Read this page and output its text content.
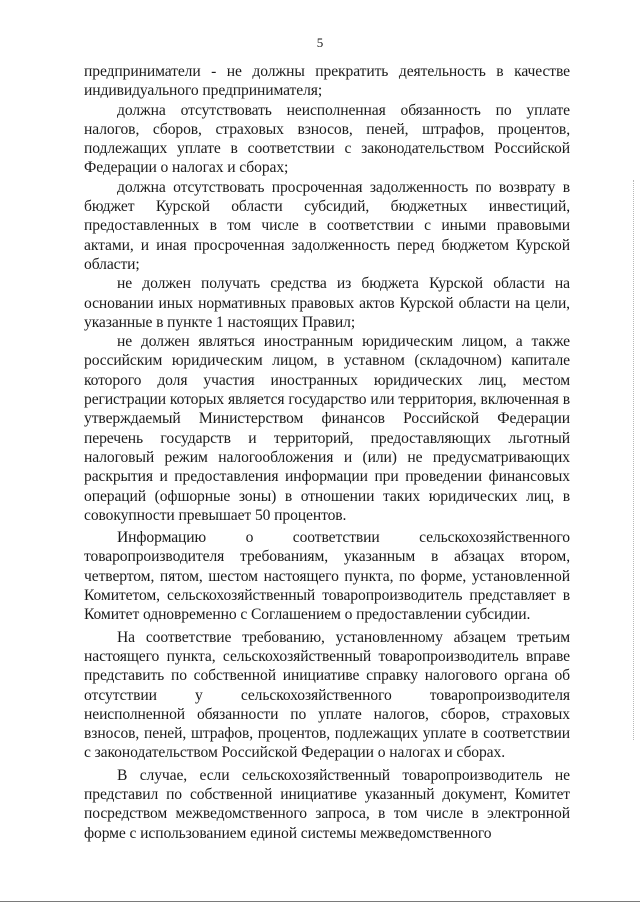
5

предприниматели - не должны прекратить деятельность в качестве индивидуального предпринимателя;

должна отсутствовать неисполненная обязанность по уплате налогов, сборов, страховых взносов, пеней, штрафов, процентов, подлежащих уплате в соответствии с законодательством Российской Федерации о налогах и сборах;

должна отсутствовать просроченная задолженность по возврату в бюджет Курской области субсидий, бюджетных инвестиций, предоставленных в том числе в соответствии с иными правовыми актами, и иная просроченная задолженность перед бюджетом Курской области;

не должен получать средства из бюджета Курской области на основании иных нормативных правовых актов Курской области на цели, указанные в пункте 1 настоящих Правил;

не должен являться иностранным юридическим лицом, а также российским юридическим лицом, в уставном (складочном) капитале которого доля участия иностранных юридических лиц, местом регистрации которых является государство или территория, включенная в утверждаемый Министерством финансов Российской Федерации перечень государств и территорий, предоставляющих льготный налоговый режим налогообложения и (или) не предусматривающих раскрытия и предоставления информации при проведении финансовых операций (офшорные зоны) в отношении таких юридических лиц, в совокупности превышает 50 процентов.

Информацию о соответствии сельскохозяйственного товаропроизводителя требованиям, указанным в абзацах втором, четвертом, пятом, шестом настоящего пункта, по форме, установленной Комитетом, сельскохозяйственный товаропроизводитель представляет в Комитет одновременно с Соглашением о предоставлении субсидии.

На соответствие требованию, установленному абзацем третьим настоящего пункта, сельскохозяйственный товаропроизводитель вправе представить по собственной инициативе справку налогового органа об отсутствии у сельскохозяйственного товаропроизводителя неисполненной обязанности по уплате налогов, сборов, страховых взносов, пеней, штрафов, процентов, подлежащих уплате в соответствии с законодательством Российской Федерации о налогах и сборах.

В случае, если сельскохозяйственный товаропроизводитель не представил по собственной инициативе указанный документ, Комитет посредством межведомственного запроса, в том числе в электронной форме с использованием единой системы межведомственного
